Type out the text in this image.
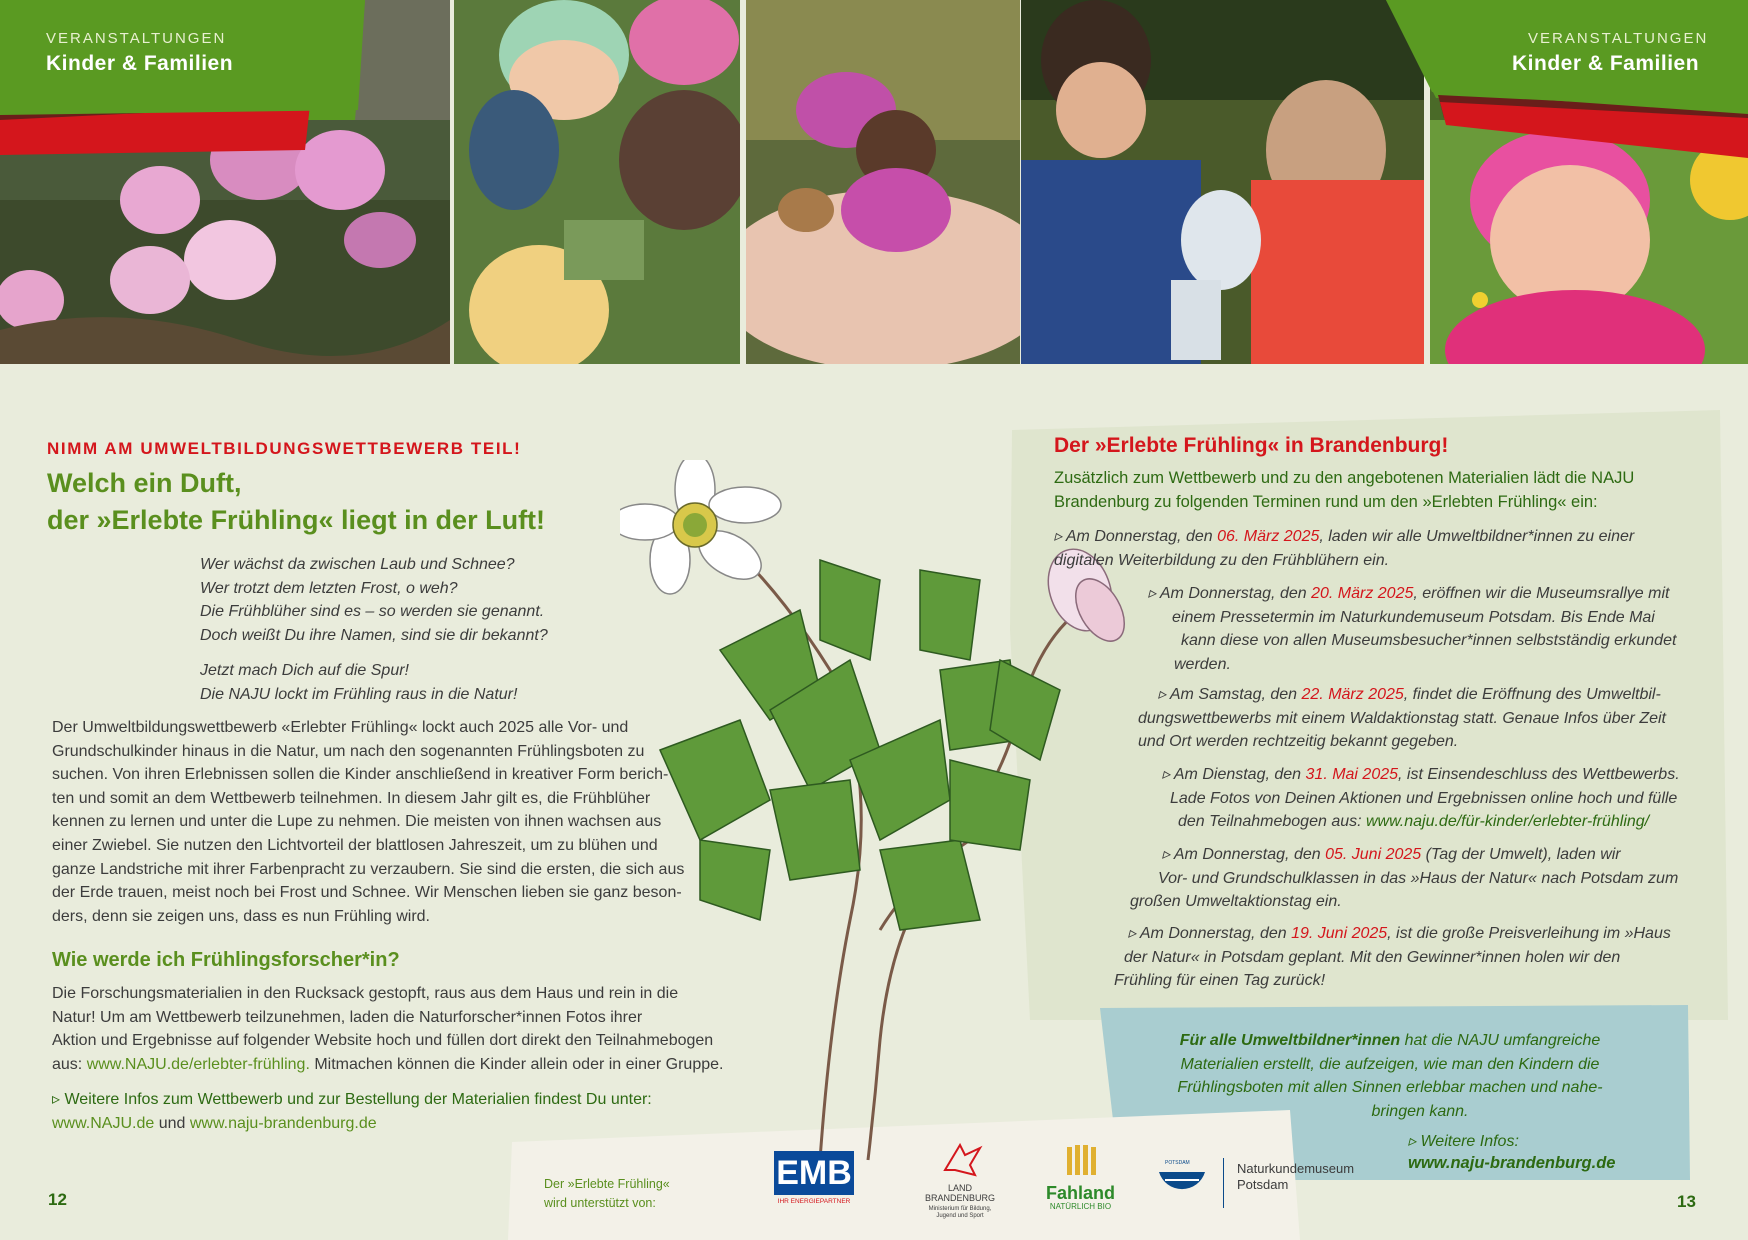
VERANSTALTUNGEN
Kinder & Familien
VERANSTALTUNGEN
Kinder & Familien
NIMM AM UMWELTBILDUNGSWETTBEWERB TEIL!
Welch ein Duft,
der »Erlebte Frühling« liegt in der Luft!
Wer wächst da zwischen Laub und Schnee?
Wer trotzt dem letzten Frost, o weh?
Die Frühblüher sind es – so werden sie genannt.
Doch weißt Du ihre Namen, sind sie dir bekannt?
Jetzt mach Dich auf die Spur!
Die NAJU lockt im Frühling raus in die Natur!
Der Umweltbildungswettbewerb «Erlebter Frühling« lockt auch 2025 alle Vor- und
Grundschulkinder hinaus in die Natur, um nach den sogenannten Frühlingsboten zu
suchen. Von ihren Erlebnissen sollen die Kinder anschließend in kreativer Form berich-
ten und somit an dem Wettbewerb teilnehmen. In diesem Jahr gilt es, die Frühblüher
kennen zu lernen und unter die Lupe zu nehmen. Die meisten von ihnen wachsen aus
einer Zwiebel. Sie nutzen den Lichtvorteil der blattlosen Jahreszeit, um zu blühen und
ganze Landstriche mit ihrer Farbenpracht zu verzaubern. Sie sind die ersten, die sich aus
der Erde trauen, meist noch bei Frost und Schnee. Wir Menschen lieben sie ganz beson-
ders, denn sie zeigen uns, dass es nun Frühling wird.
Wie werde ich Frühlingsforscher*in?
Die Forschungsmaterialien in den Rucksack gestopft, raus aus dem Haus und rein in die
Natur! Um am Wettbewerb teilzunehmen, laden die Naturforscher*innen Fotos ihrer
Aktion und Ergebnisse auf folgender Website hoch und füllen dort direkt den Teilnahmebogen
aus: www.NAJU.de/erlebter-frühling. Mitmachen können die Kinder allein oder in einer Gruppe.
▹ Weitere Infos zum Wettbewerb und zur Bestellung der Materialien findest Du unter:
www.NAJU.de und www.naju-brandenburg.de
12
Der »Erlebte Frühling« in Brandenburg!
Zusätzlich zum Wettbewerb und zu den angebotenen Materialien lädt die NAJU
Brandenburg zu folgenden Terminen rund um den »Erlebten Frühling« ein:
▹ Am Donnerstag, den 06. März 2025, laden wir alle Umweltbildner*innen zu einer
digitalen Weiterbildung zu den Frühblühern ein.
▹ Am Donnerstag, den 20. März 2025, eröffnen wir die Museumsrallye mit
einem Pressetermin im Naturkundemuseum Potsdam. Bis Ende Mai
kann diese von allen Museumsbesucher*innen selbstständig erkundet
werden.
▹ Am Samstag, den 22. März 2025, findet die Eröffnung des Umweltbil-
dungswettbewerbs mit einem Waldaktionstag statt. Genaue Infos über Zeit
und Ort werden rechtzeitig bekannt gegeben.
▹ Am Dienstag, den 31. Mai 2025, ist Einsendeschluss des Wettbewerbs.
Lade Fotos von Deinen Aktionen und Ergebnissen online hoch und fülle
den Teilnahmebogen aus: www.naju.de/für-kinder/erlebter-frühling/
▹ Am Donnerstag, den 05. Juni 2025 (Tag der Umwelt), laden wir
Vor- und Grundschulklassen in das »Haus der Natur« nach Potsdam zum
großen Umweltaktionstag ein.
▹ Am Donnerstag, den 19. Juni 2025, ist die große Preisverleihung im »Haus
der Natur« in Potsdam geplant. Mit den Gewinner*innen holen wir den
Frühling für einen Tag zurück!
Für alle Umweltbildner*innen hat die NAJU umfangreiche
Materialien erstellt, die aufzeigen, wie man den Kindern die
Frühlingsboten mit allen Sinnen erlebbar machen und nahe-
bringen kann.
▹ Weitere Infos:
www.naju-brandenburg.de
13
Der »Erlebte Frühling«
wird unterstützt von:
EMB
IHR ENERGIEPARTNER
LAND
BRANDENBURG
Ministerium für Bildung,
Jugend und Sport
Fahland
NATÜRLICH BIO
POTSDAM	Naturkundemuseum
Potsdam
